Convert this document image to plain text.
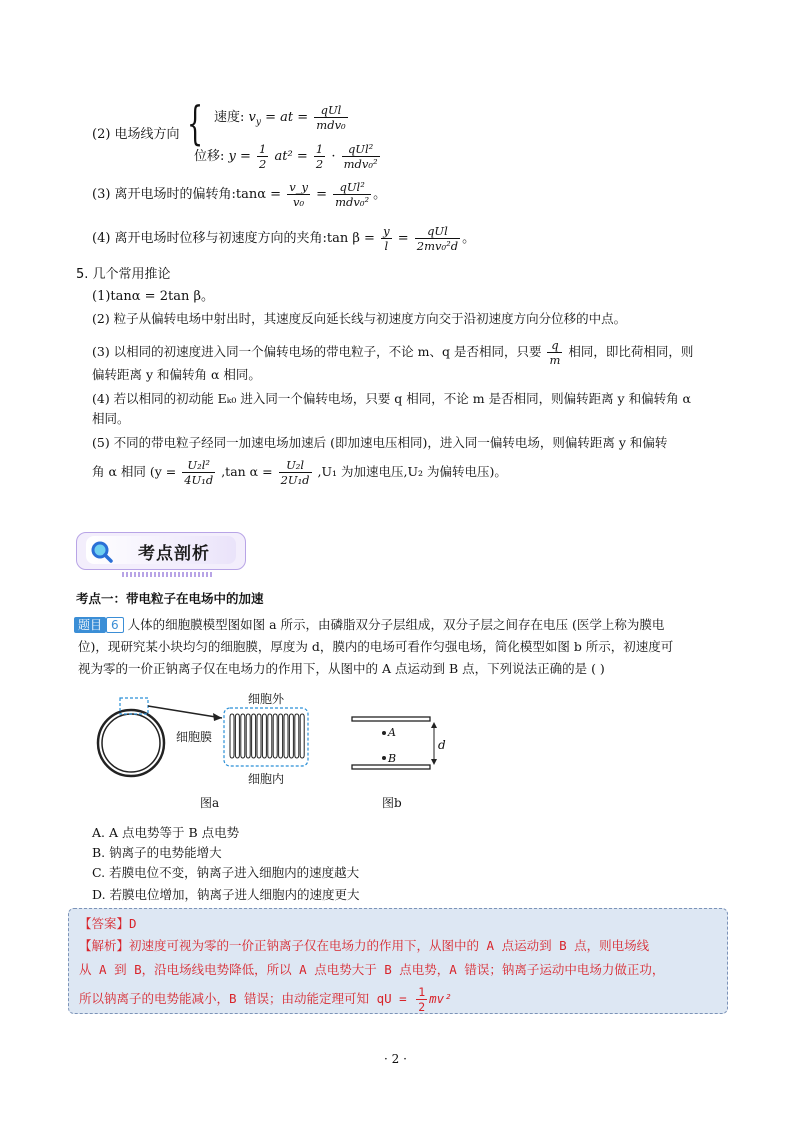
(2) 电场线方向 { 速度: $v_y$ = at =	qUl
mdv₀
位移: $y = \frac{1}{2} at^2 = \frac{1}{2}$ ·	qUl²
mdv₀²
(3) 离开电场时的偏转角:tanα = $\frac{v\_y}{\text{v₀}}$ =	qUl²
mdv₀² 。
(4) 离开电场时位移与初速度方向的夹角:tan $\beta = \frac{y}{l}$ =	qUl
2mv₀²d 。
5. 几个常用推论
(1)tanα = 2tan β。
(2) 粒子从偏转电场中射出时，其速度反向延长线与初速度方向交于沿初速度方向分位移的中点。
(3) 以相同的初速度进入同一个偏转电场的带电粒子，不论 m、q 是否相同，只要 $\frac{q}{m}$ 相同，即比荷相同，则
偏转距离 y 和偏转角 α 相同。
(4) 若以相同的初动能 Eₖ₀ 进入同一个偏转电场，只要 q 相同，不论 m 是否相同，则偏转距离 y 和偏转角 α
相同。
(5) 不同的带电粒子经同一加速电场加速后 (即加速电压相同)，进入同一偏转电场，则偏转距离 y 和偏转
角 α 相同 ($y = \frac{\text{U₂l²}}{\text{4U₁d}} ,\tan$ $\alpha = \frac{\text{U₂l}}{\text{2U₁d}} ,U_1$ 为加速电压,U₂ 为偏转电压)。
考点剖析
考点一：带电粒子在电场中的加速
题目 6 人体的细胞膜模型图如图 a 所示，由磷脂双分子层组成，双分子层之间存在电压 (医学上称为膜电
位)，现研究某小块均匀的细胞膜，厚度为 d，膜内的电场可看作匀强电场，简化模型如图 b 所示，初速度可
视为零的一价正钠离子仅在电场力的作用下，从图中的 A 点运动到 B 点，下列说法正确的是 ( )
细胞外
细胞膜
细胞内
图a
A
B
d
图b
A. A 点电势等于 B 点电势
B. 钠离子的电势能增大
C. 若膜电位不变，钠离子进入细胞内的速度越大
D. 若膜电位增加，钠离子进人细胞内的速度更大
【答案】D
【解析】初速度可视为零的一价正钠离子仅在电场力的作用下，从图中的 A 点运动到 B 点，则电场线
从 A 到 B，沿电场线电势降低，所以 A 点电势大于 B 点电势，A 错误；钠离子运动中电场力做正功，
所以钠离子的电势能减小，B 错误；由动能定理可知 qU = $\frac{1}{2} mv^2$
· 2 ·
